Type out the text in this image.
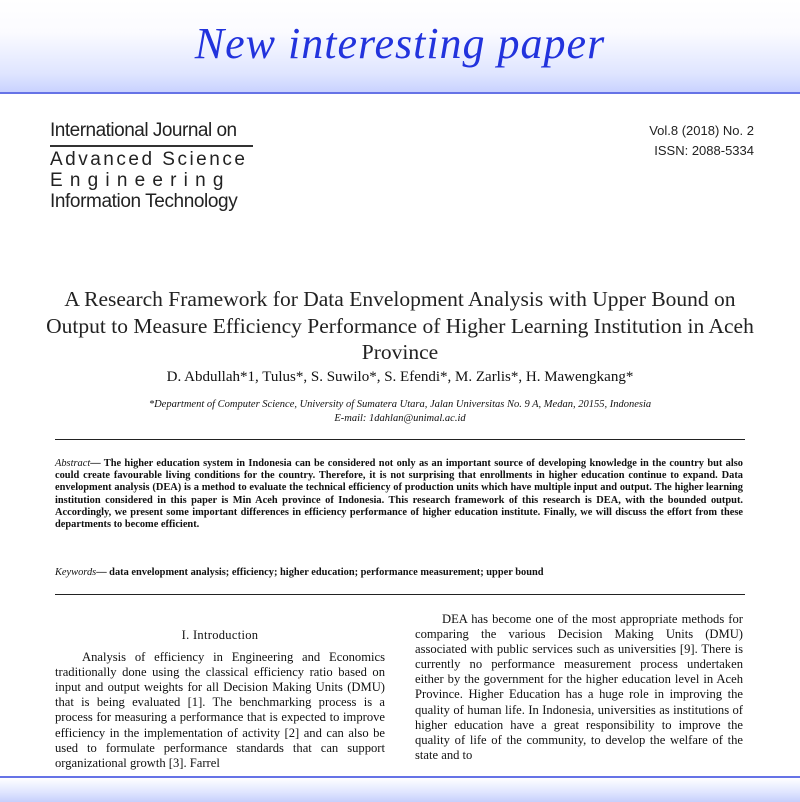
New interesting paper
International Journal on
Advanced Science
Engineering
Information Technology
Vol.8 (2018) No. 2
ISSN: 2088-5334
A Research Framework for Data Envelopment Analysis with Upper Bound on Output to Measure Efficiency Performance of Higher Learning Institution in Aceh Province
D. Abdullah*1, Tulus*, S. Suwilo*, S. Efendi*, M. Zarlis*, H. Mawengkang*
*Department of Computer Science, University of Sumatera Utara, Jalan Universitas No. 9 A, Medan, 20155, Indonesia
E-mail: 1dahlan@unimal.ac.id
Abstract— The higher education system in Indonesia can be considered not only as an important source of developing knowledge in the country but also could create favourable living conditions for the country. Therefore, it is not surprising that enrollments in higher education continue to expand. Data envelopment analysis (DEA) is a method to evaluate the technical efficiency of production units which have multiple input and output. The higher learning institution considered in this paper is Min Aceh province of Indonesia. This research framework of this research is DEA, with the bounded output. Accordingly, we present some important differences in efficiency performance of higher education institute. Finally, we will discuss the effort from these departments to become efficient.
Keywords— data envelopment analysis; efficiency; higher education; performance measurement; upper bound
I. Introduction
Analysis of efficiency in Engineering and Economics traditionally done using the classical efficiency ratio based on input and output weights for all Decision Making Units (DMU) that is being evaluated [1]. The benchmarking process is a process for measuring a performance that is expected to improve efficiency in the implementation of activity [2] and can also be used to formulate performance standards that can support organizational growth [3]. Farrel
DEA has become one of the most appropriate methods for comparing the various Decision Making Units (DMU) associated with public services such as universities [9]. There is currently no performance measurement process undertaken either by the government for the higher education level in Aceh Province. Higher Education has a huge role in improving the quality of human life. In Indonesia, universities as institutions of higher education have a great responsibility to improve the quality of life of the community, to develop the welfare of the state and to
